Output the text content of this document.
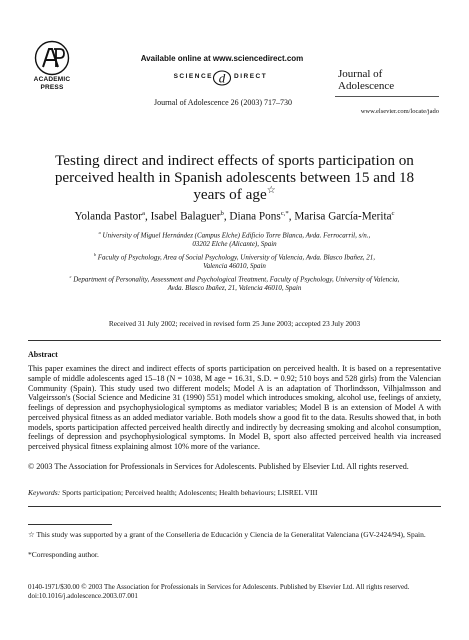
ACADEMIC
PRESS
Available online at www.sciencedirect.com
SCIENCE d DIRECT
Journal of Adolescence 26 (2003) 717–730
Journal of
Adolescence
www.elsevier.com/locate/jado
Testing direct and indirect effects of sports participation on
perceived health in Spanish adolescents between 15 and 18
years of age☆
Yolanda Pastor$^a$, Isabel Balaguer$^b$, Diana Pons$^{c,*}$, Marisa García-Merita$^c$
$^a$ University of Miguel Hernández (Campus Elche) Edificio Torre Blanca, Avda. Ferrocarril, s/n.,
03202 Elche (Alicante), Spain
$^b$ Faculty of Psychology, Area of Social Psychology, University of Valencia, Avda. Blasco Ibañez, 21,
Valencia 46010, Spain
$^c$ Department of Personality, Assessment and Psychological Treatment, Faculty of Psychology, University of Valencia,
Avda. Blasco Ibañez, 21, Valencia 46010, Spain
Received 31 July 2002; received in revised form 25 June 2003; accepted 23 July 2003
Abstract
This paper examines the direct and indirect effects of sports participation on perceived health. It is based on a representative sample of middle adolescents aged 15–18 (N = 1038, M age = 16.31, S.D. = 0.92; 510 boys and 528 girls) from the Valencian Community (Spain). This study used two different models; Model A is an adaptation of Thorlindsson, Vilhjalmsson and Valgeirsson's (Social Science and Medicine 31 (1990) 551) model which introduces smoking, alcohol use, feelings of anxiety, feelings of depression and psychophysiological symptoms as mediator variables; Model B is an extension of Model A with perceived physical fitness as an added mediator variable. Both models show a good fit to the data. Results showed that, in both models, sports participation affected perceived health directly and indirectly by decreasing smoking and alcohol consumption, feelings of depression and psychophysiological symptoms. In Model B, sport also affected perceived health via increased perceived physical fitness explaining almost 10% more of the variance.
© 2003 The Association for Professionals in Services for Adolescents. Published by Elsevier Ltd. All rights reserved.
Keywords: Sports participation; Perceived health; Adolescents; Health behaviours; LISREL VIII
☆ This study was supported by a grant of the Conselleria de Educación y Ciencia de la Generalitat Valenciana (GV-2424/94), Spain.
*Corresponding author.
0140-1971/$30.00 © 2003 The Association for Professionals in Services for Adolescents. Published by Elsevier Ltd. All rights reserved.
doi:10.1016/j.adolescence.2003.07.001
